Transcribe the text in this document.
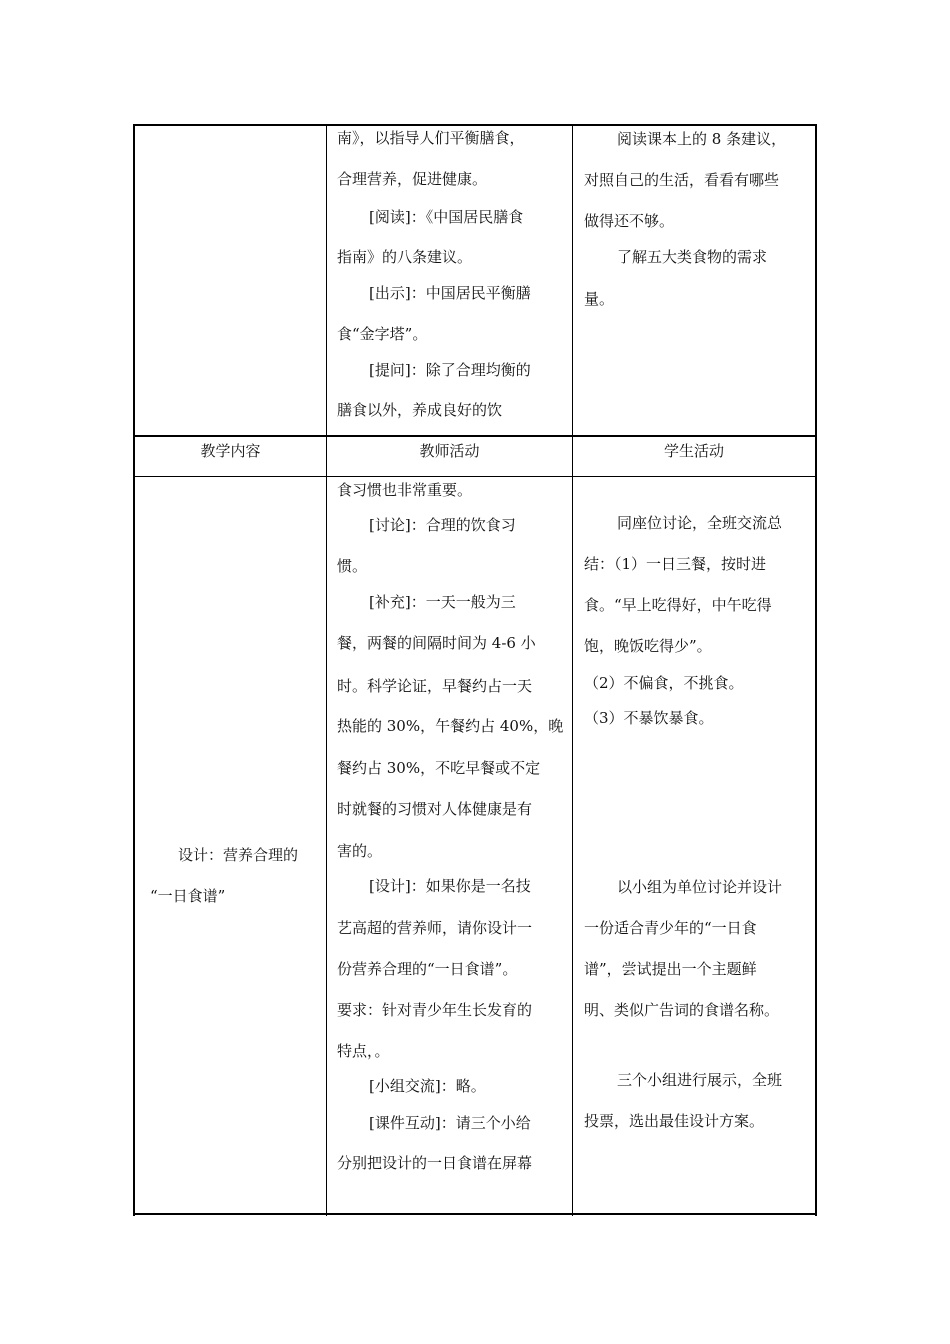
南》，以指导人们平衡膳食，
合理营养，促进健康。
[阅读]：《中国居民膳食
指南》的八条建议。
[出示]：中国居民平衡膳
食“金字塔”。
[提问]：除了合理均衡的
膳食以外，养成良好的饮
阅读课本上的 8 条建议，
对照自己的生活，看看有哪些
做得还不够。
了解五大类食物的需求
量。
教学内容	教师活动	学生活动
设计：营养合理的
“一日食谱”
食习惯也非常重要。
[讨论]：合理的饮食习
惯。
[补充]：一天一般为三
餐，两餐的间隔时间为 4-6 小
时。科学论证，早餐约占一天
热能的 30%，午餐约占 40%，晚
餐约占 30%，不吃早餐或不定
时就餐的习惯对人体健康是有
害的。
[设计]：如果你是一名技
艺高超的营养师，请你设计一
份营养合理的“一日食谱”。
要求：针对青少年生长发育的
特点，。
[小组交流]：略。
[课件互动]：请三个小给
分别把设计的一日食谱在屏幕
同座位讨论，全班交流总
结：（1）一日三餐，按时进
食。“早上吃得好，中午吃得
饱，晚饭吃得少”。
（2）不偏食，不挑食。
（3）不暴饮暴食。
以小组为单位讨论并设计
一份适合青少年的“一日食
谱”，尝试提出一个主题鲜
明、类似广告词的食谱名称。
三个小组进行展示，全班
投票，选出最佳设计方案。
